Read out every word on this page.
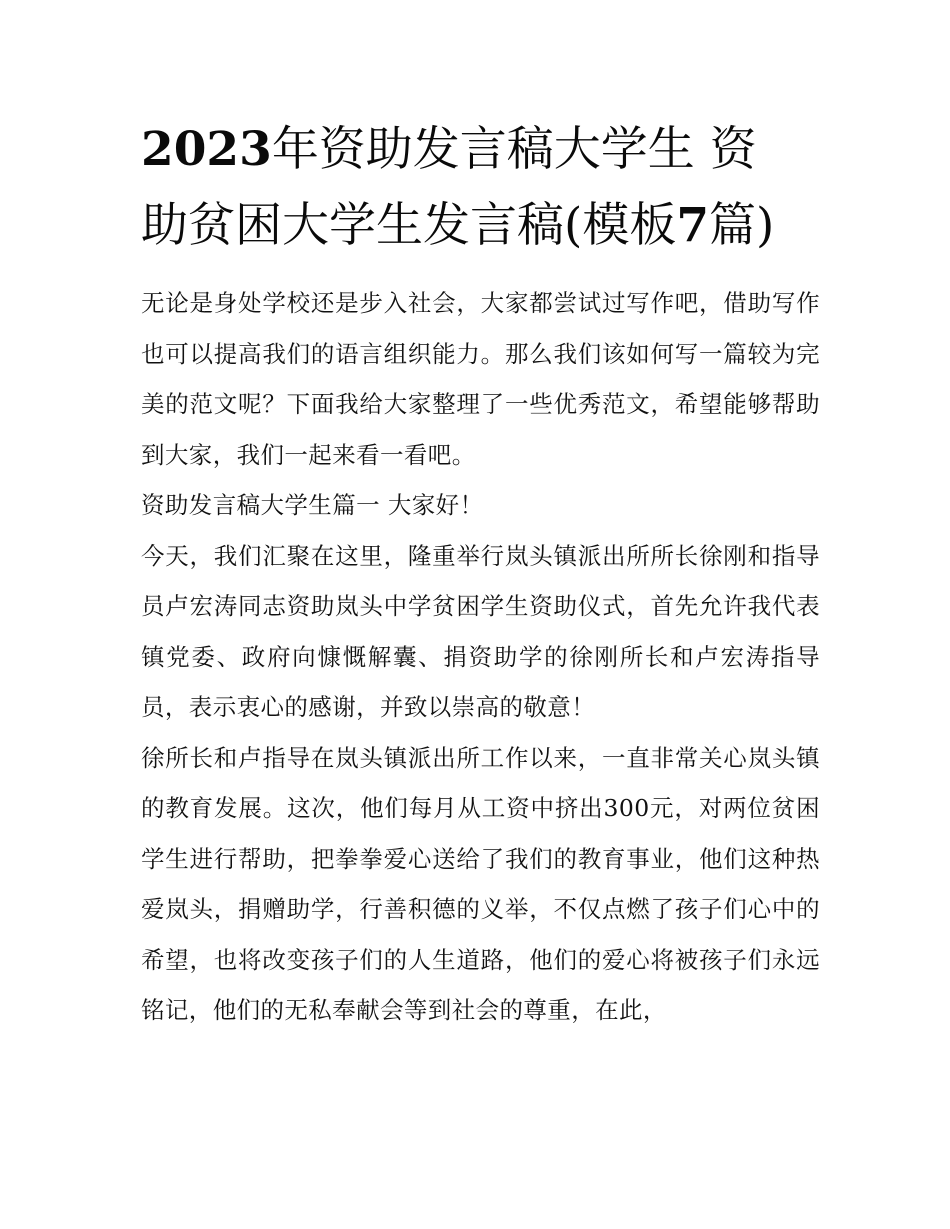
2023年资助发言稿大学生 资助贫困大学生发言稿(模板7篇)

无论是身处学校还是步入社会，大家都尝试过写作吧，借助写作也可以提高我们的语言组织能力。那么我们该如何写一篇较为完美的范文呢？下面我给大家整理了一些优秀范文，希望能够帮助到大家，我们一起来看一看吧。

资助发言稿大学生篇一 大家好！

今天，我们汇聚在这里，隆重举行岚头镇派出所所长徐刚和指导员卢宏涛同志资助岚头中学贫困学生资助仪式，首先允许我代表镇党委、政府向慷慨解囊、捐资助学的徐刚所长和卢宏涛指导员，表示衷心的感谢，并致以崇高的敬意！

徐所长和卢指导在岚头镇派出所工作以来，一直非常关心岚头镇的教育发展。这次，他们每月从工资中挤出300元，对两位贫困学生进行帮助，把拳拳爱心送给了我们的教育事业，他们这种热爱岚头，捐赠助学，行善积德的义举，不仅点燃了孩子们心中的希望，也将改变孩子们的人生道路，他们的爱心将被孩子们永远铭记，他们的无私奉献会等到社会的尊重，在此，
